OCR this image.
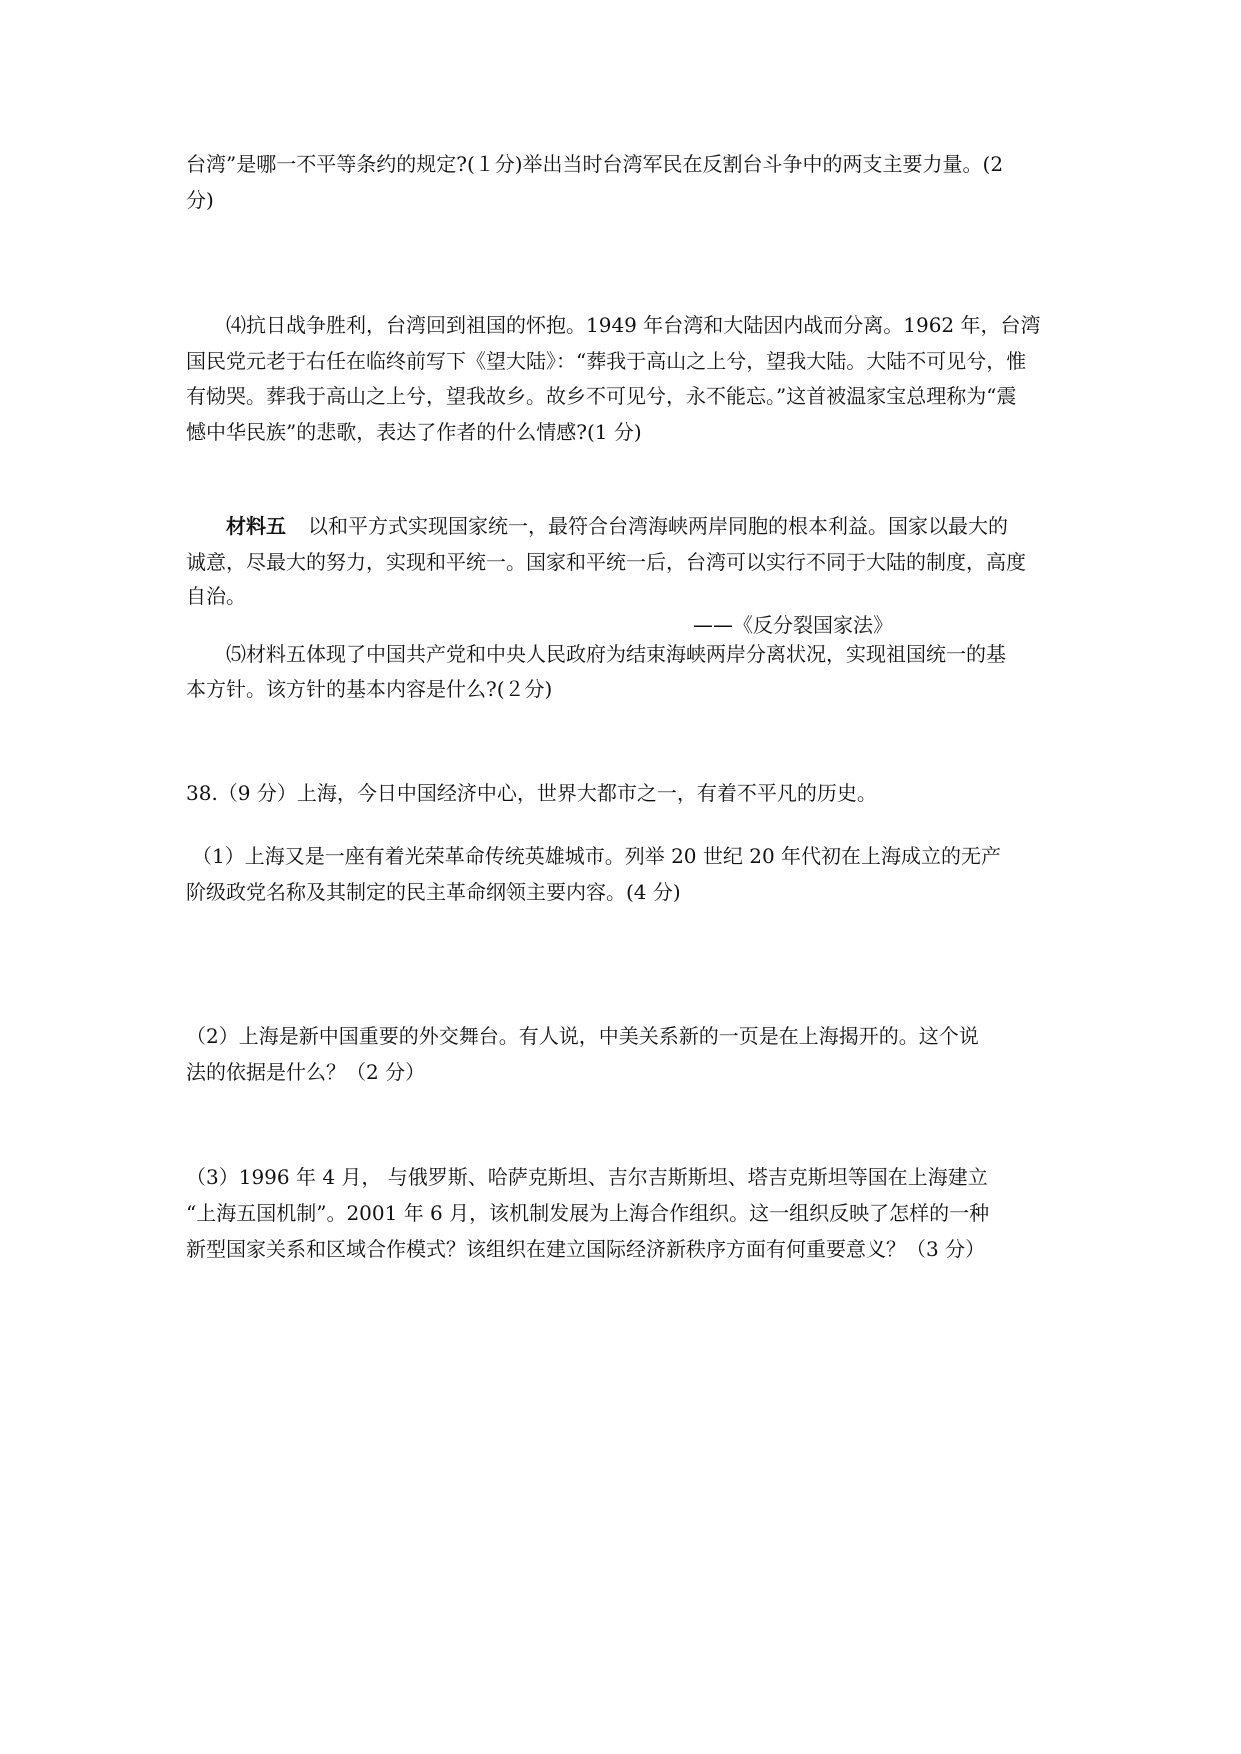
台湾”是哪一不平等条约的规定?(１分)举出当时台湾军民在反割台斗争中的两支主要力量。(2
分)
⑷抗日战争胜利，台湾回到祖国的怀抱。1949 年台湾和大陆因内战而分离。1962 年，台湾
国民党元老于右任在临终前写下《望大陆》：“葬我于高山之上兮，望我大陆。大陆不可见兮，惟
有恸哭。葬我于高山之上兮，望我故乡。故乡不可见兮，永不能忘。”这首被温家宝总理称为“震
憾中华民族”的悲歌，表达了作者的什么情感?(1 分)
材料五 以和平方式实现国家统一，最符合台湾海峡两岸同胞的根本利益。国家以最大的
诚意，尽最大的努力，实现和平统一。国家和平统一后，台湾可以实行不同于大陆的制度，高度
自治。
——《反分裂国家法》
⑸材料五体现了中国共产党和中央人民政府为结束海峡两岸分离状况，实现祖国统一的基
本方针。该方针的基本内容是什么?(２分)
38.（9 分）上海，今日中国经济中心，世界大都市之一，有着不平凡的历史。
（1）上海又是一座有着光荣革命传统英雄城市。列举 20 世纪 20 年代初在上海成立的无产
阶级政党名称及其制定的民主革命纲领主要内容。(4 分)
（2）上海是新中国重要的外交舞台。有人说，中美关系新的一页是在上海揭开的。这个说
法的依据是什么？（2 分）
（3）1996 年 4 月， 与俄罗斯、哈萨克斯坦、吉尔吉斯斯坦、塔吉克斯坦等国在上海建立
“上海五国机制”。2001 年 6 月，该机制发展为上海合作组织。这一组织反映了怎样的一种
新型国家关系和区域合作模式？该组织在建立国际经济新秩序方面有何重要意义？（3 分）
